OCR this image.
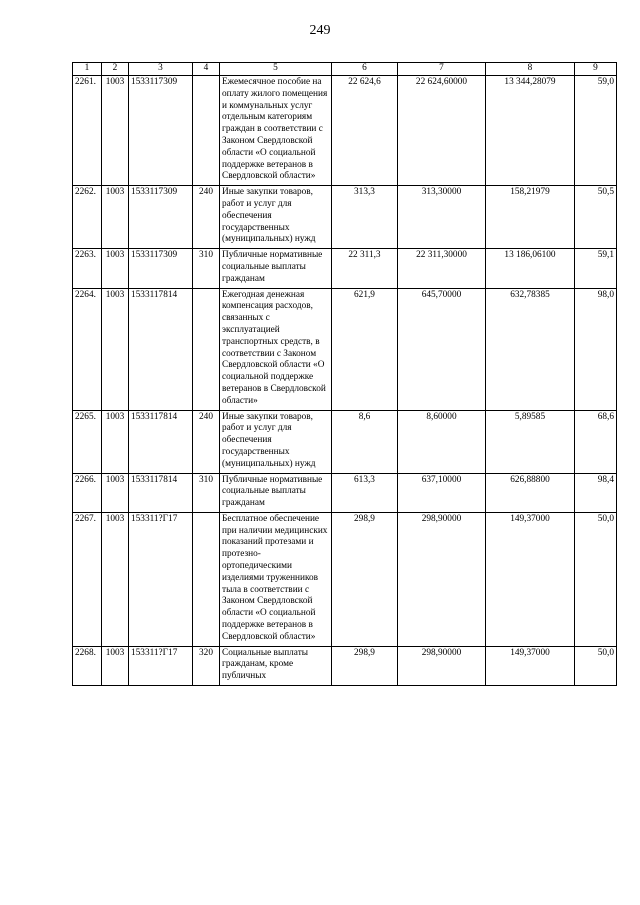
249
1	2	3	4	5	6	7	8	9
2261.	1003	1533117309		Ежемесячное пособие на оплату жилого помещения и коммунальных услуг отдельным категориям граждан в соответствии с Законом Свердловской области «О социальной поддержке ветеранов в Свердловской области»	22 624,6	22 624,60000	13 344,28079	59,0
2262.	1003	1533117309	240	Иные закупки товаров, работ и услуг для обеспечения государственных (муниципальных) нужд	313,3	313,30000	158,21979	50,5
2263.	1003	1533117309	310	Публичные нормативные социальные выплаты гражданам	22 311,3	22 311,30000	13 186,06100	59,1
2264.	1003	1533117814		Ежегодная денежная компенсация расходов, связанных с эксплуатацией транспортных средств, в соответствии с Законом Свердловской области «О социальной поддержке ветеранов в Свердловской области»	621,9	645,70000	632,78385	98,0
2265.	1003	1533117814	240	Иные закупки товаров, работ и услуг для обеспечения государственных (муниципальных) нужд	8,6	8,60000	5,89585	68,6
2266.	1003	1533117814	310	Публичные нормативные социальные выплаты гражданам	613,3	637,10000	626,88800	98,4
2267.	1003	153311?Г17		Бесплатное обеспечение при наличии медицинских показаний протезами и протезно-ортопедическими изделиями труженников тыла в соответствии с Законом Свердловской области «О социальной поддержке ветеранов в Свердловской области»	298,9	298,90000	149,37000	50,0
2268.	1003	153311?Г17	320	Социальные выплаты гражданам, кроме публичных	298,9	298,90000	149,37000	50,0
